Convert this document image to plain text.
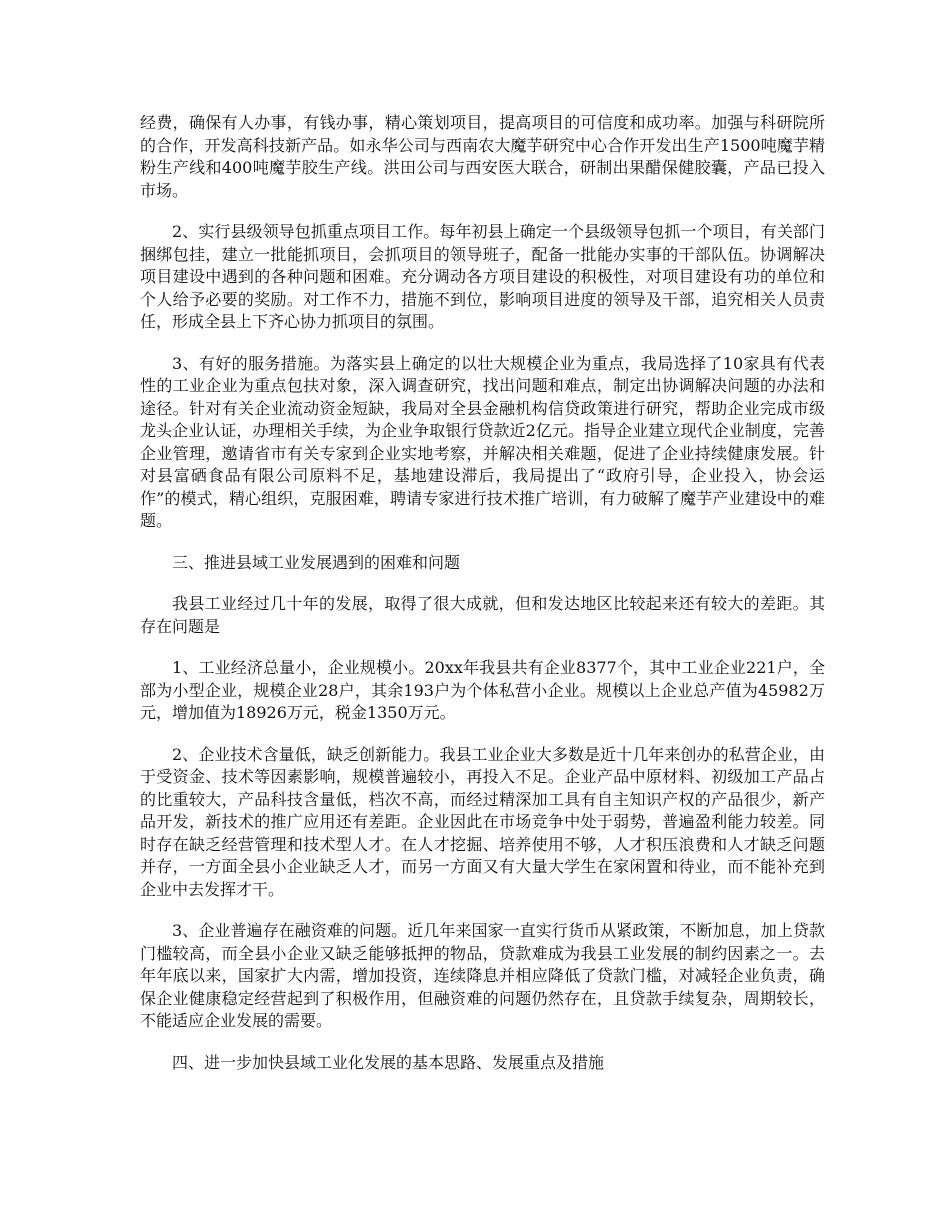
经费，确保有人办事，有钱办事，精心策划项目，提高项目的可信度和成功率。加强与科研院所的合作，开发高科技新产品。如永华公司与西南农大魔芋研究中心合作开发出生产1500吨魔芋精粉生产线和400吨魔芋胶生产线。洪田公司与西安医大联合，研制出果醋保健胶囊，产品已投入市场。

2、实行县级领导包抓重点项目工作。每年初县上确定一个县级领导包抓一个项目，有关部门捆绑包挂，建立一批能抓项目，会抓项目的领导班子，配备一批能办实事的干部队伍。协调解决项目建设中遇到的各种问题和困难。充分调动各方项目建设的积极性，对项目建设有功的单位和个人给予必要的奖励。对工作不力，措施不到位，影响项目进度的领导及干部，追究相关人员责任，形成全县上下齐心协力抓项目的氛围。

3、有好的服务措施。为落实县上确定的以壮大规模企业为重点，我局选择了10家具有代表性的工业企业为重点包扶对象，深入调查研究，找出问题和难点，制定出协调解决问题的办法和途径。针对有关企业流动资金短缺，我局对全县金融机构信贷政策进行研究，帮助企业完成市级龙头企业认证，办理相关手续，为企业争取银行贷款近2亿元。指导企业建立现代企业制度，完善企业管理，邀请省市有关专家到企业实地考察，并解决相关难题，促进了企业持续健康发展。针对县富硒食品有限公司原料不足，基地建设滞后，我局提出了“政府引导，企业投入，协会运作”的模式，精心组织，克服困难，聘请专家进行技术推广培训，有力破解了魔芋产业建设中的难题。

三、推进县域工业发展遇到的困难和问题

我县工业经过几十年的发展，取得了很大成就，但和发达地区比较起来还有较大的差距。其存在问题是

1、工业经济总量小，企业规模小。20xx年我县共有企业8377个，其中工业企业221户，全部为小型企业，规模企业28户，其余193户为个体私营小企业。规模以上企业总产值为45982万元，增加值为18926万元，税金1350万元。

2、企业技术含量低，缺乏创新能力。我县工业企业大多数是近十几年来创办的私营企业，由于受资金、技术等因素影响，规模普遍较小，再投入不足。企业产品中原材料、初级加工产品占的比重较大，产品科技含量低，档次不高，而经过精深加工具有自主知识产权的产品很少，新产品开发，新技术的推广应用还有差距。企业因此在市场竞争中处于弱势，普遍盈利能力较差。同时存在缺乏经营管理和技术型人才。在人才挖掘、培养使用不够，人才积压浪费和人才缺乏问题并存，一方面全县小企业缺乏人才，而另一方面又有大量大学生在家闲置和待业，而不能补充到企业中去发挥才干。

3、企业普遍存在融资难的问题。近几年来国家一直实行货币从紧政策，不断加息，加上贷款门槛较高，而全县小企业又缺乏能够抵押的物品，贷款难成为我县工业发展的制约因素之一。去年年底以来，国家扩大内需，增加投资，连续降息并相应降低了贷款门槛，对减轻企业负责，确保企业健康稳定经营起到了积极作用，但融资难的问题仍然存在，且贷款手续复杂，周期较长，不能适应企业发展的需要。

四、进一步加快县域工业化发展的基本思路、发展重点及措施
